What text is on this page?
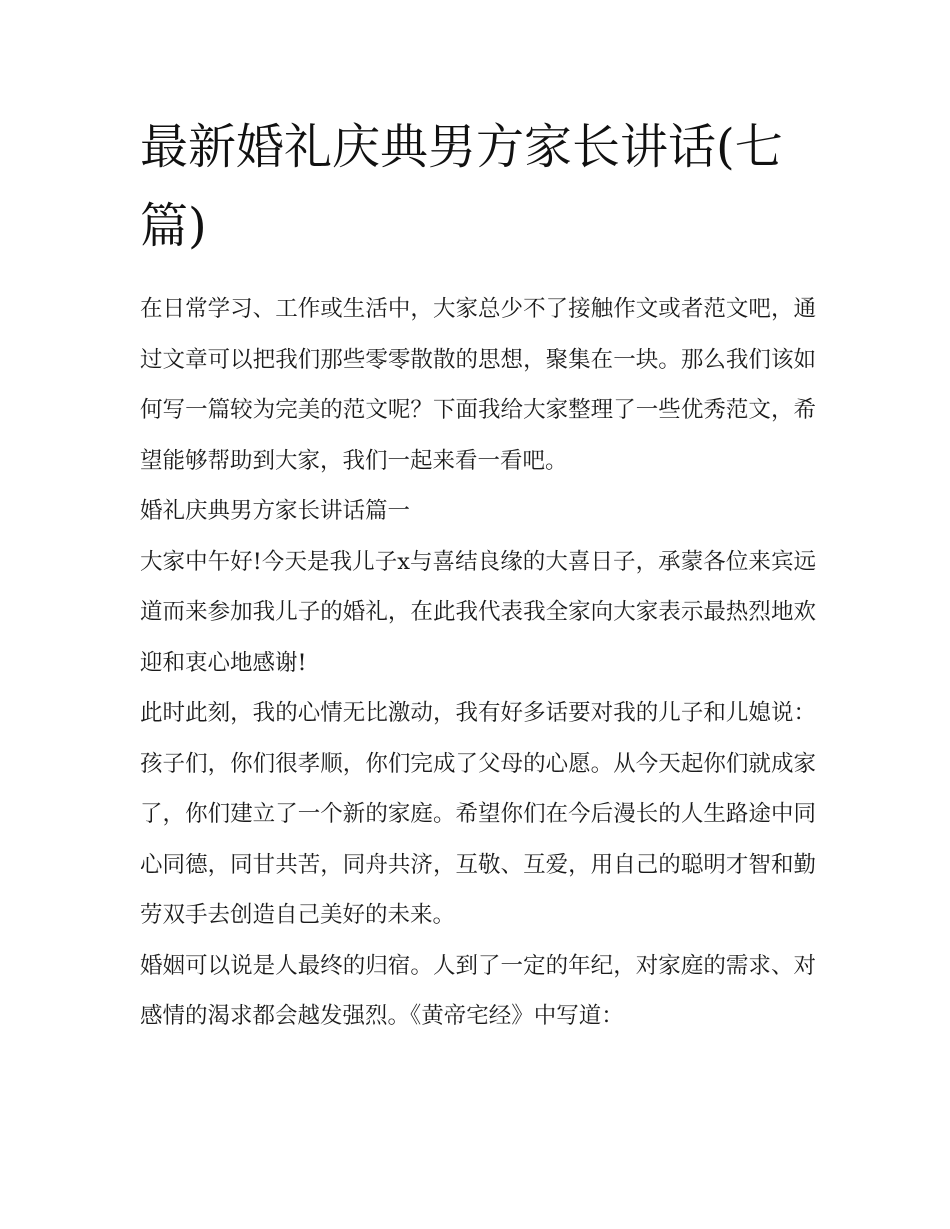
最新婚礼庆典男方家长讲话(七篇)

在日常学习、工作或生活中，大家总少不了接触作文或者范文吧，通过文章可以把我们那些零零散散的思想，聚集在一块。那么我们该如何写一篇较为完美的范文呢？下面我给大家整理了一些优秀范文，希望能够帮助到大家，我们一起来看一看吧。

婚礼庆典男方家长讲话篇一

大家中午好!今天是我儿子x与喜结良缘的大喜日子，承蒙各位来宾远道而来参加我儿子的婚礼，在此我代表我全家向大家表示最热烈地欢迎和衷心地感谢!

此时此刻，我的心情无比激动，我有好多话要对我的儿子和儿媳说：孩子们，你们很孝顺，你们完成了父母的心愿。从今天起你们就成家了，你们建立了一个新的家庭。希望你们在今后漫长的人生路途中同心同德，同甘共苦，同舟共济，互敬、互爱，用自己的聪明才智和勤劳双手去创造自己美好的未来。

婚姻可以说是人最终的归宿。人到了一定的年纪，对家庭的需求、对感情的渴求都会越发强烈。《黄帝宅经》中写道：
